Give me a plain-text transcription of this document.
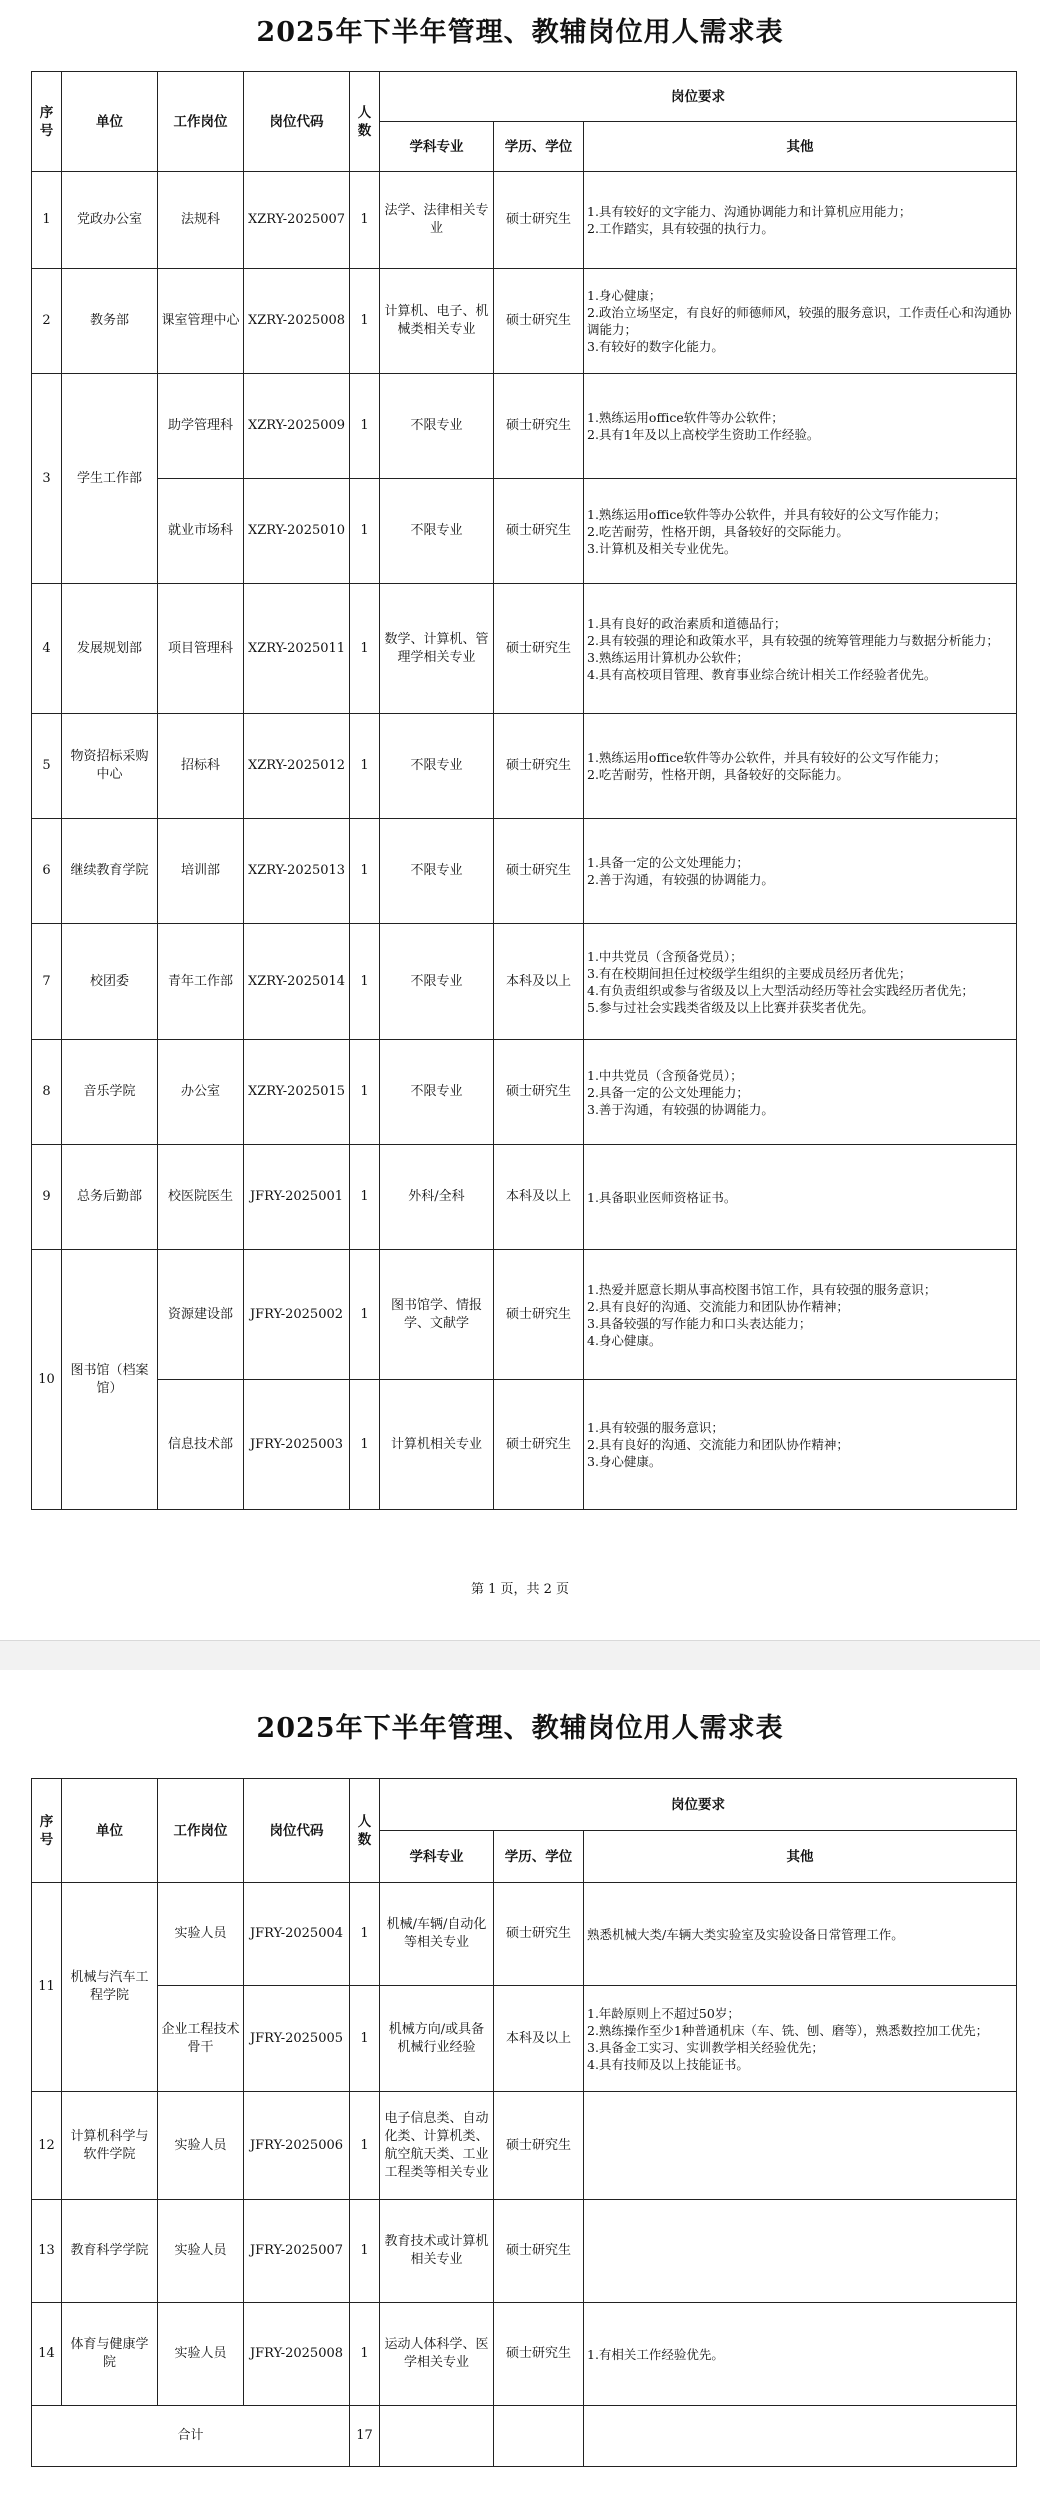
2025年下半年管理、教辅岗位用人需求表
序号	单位	工作岗位	岗位代码	人数	岗位要求		
					学科专业	学历、学位	其他
1	党政办公室	法规科	XZRY-2025007	1	法学、法律相关专业	硕士研究生	1.具有较好的文字能力、沟通协调能力和计算机应用能力；
2.工作踏实，具有较强的执行力。
2	教务部	课室管理中心	XZRY-2025008	1	计算机、电子、机械类相关专业	硕士研究生	1.身心健康；
2.政治立场坚定，有良好的师德师风，较强的服务意识，工作责任心和沟通协调能力；
3.有较好的数字化能力。
3	学生工作部	助学管理科	XZRY-2025009	1	不限专业	硕士研究生	1.熟练运用office软件等办公软件；
2.具有1年及以上高校学生资助工作经验。
		就业市场科	XZRY-2025010	1	不限专业	硕士研究生	1.熟练运用office软件等办公软件，并具有较好的公文写作能力；
2.吃苦耐劳，性格开朗，具备较好的交际能力。
3.计算机及相关专业优先。
4	发展规划部	项目管理科	XZRY-2025011	1	数学、计算机、管理学相关专业	硕士研究生	1.具有良好的政治素质和道德品行；
2.具有较强的理论和政策水平，具有较强的统筹管理能力与数据分析能力；
3.熟练运用计算机办公软件；
4.具有高校项目管理、教育事业综合统计相关工作经验者优先。
5	物资招标采购中心	招标科	XZRY-2025012	1	不限专业	硕士研究生	1.熟练运用office软件等办公软件，并具有较好的公文写作能力；
2.吃苦耐劳，性格开朗，具备较好的交际能力。
6	继续教育学院	培训部	XZRY-2025013	1	不限专业	硕士研究生	1.具备一定的公文处理能力；
2.善于沟通，有较强的协调能力。
7	校团委	青年工作部	XZRY-2025014	1	不限专业	本科及以上	1.中共党员（含预备党员）；
3.有在校期间担任过校级学生组织的主要成员经历者优先；
4.有负责组织或参与省级及以上大型活动经历等社会实践经历者优先；
5.参与过社会实践类省级及以上比赛并获奖者优先。
8	音乐学院	办公室	XZRY-2025015	1	不限专业	硕士研究生	1.中共党员（含预备党员）；
2.具备一定的公文处理能力；
3.善于沟通，有较强的协调能力。
9	总务后勤部	校医院医生	JFRY-2025001	1	外科/全科	本科及以上	1.具备职业医师资格证书。
10	图书馆（档案馆）	资源建设部	JFRY-2025002	1	图书馆学、情报学、文献学	硕士研究生	1.热爱并愿意长期从事高校图书馆工作，具有较强的服务意识；
2.具有良好的沟通、交流能力和团队协作精神；
3.具备较强的写作能力和口头表达能力；
4.身心健康。
		信息技术部	JFRY-2025003	1	计算机相关专业	硕士研究生	1.具有较强的服务意识；
2.具有良好的沟通、交流能力和团队协作精神；
3.身心健康。
第 1 页，共 2 页
2025年下半年管理、教辅岗位用人需求表
序号	单位	工作岗位	岗位代码	人数	岗位要求		
					学科专业	学历、学位	其他
11	机械与汽车工程学院	实验人员	JFRY-2025004	1	机械/车辆/自动化等相关专业	硕士研究生	熟悉机械大类/车辆大类实验室及实验设备日常管理工作。
		企业工程技术骨干	JFRY-2025005	1	机械方向/或具备机械行业经验	本科及以上	1.年龄原则上不超过50岁；
2.熟练操作至少1种普通机床（车、铣、刨、磨等），熟悉数控加工优先；
3.具备金工实习、实训教学相关经验优先；
4.具有技师及以上技能证书。
12	计算机科学与软件学院	实验人员	JFRY-2025006	1	电子信息类、自动化类、计算机类、航空航天类、工业工程类等相关专业	硕士研究生	
13	教育科学学院	实验人员	JFRY-2025007	1	教育技术或计算机相关专业	硕士研究生	
14	体育与健康学院	实验人员	JFRY-2025008	1	运动人体科学、医学相关专业	硕士研究生	1.有相关工作经验优先。
合计				17			
